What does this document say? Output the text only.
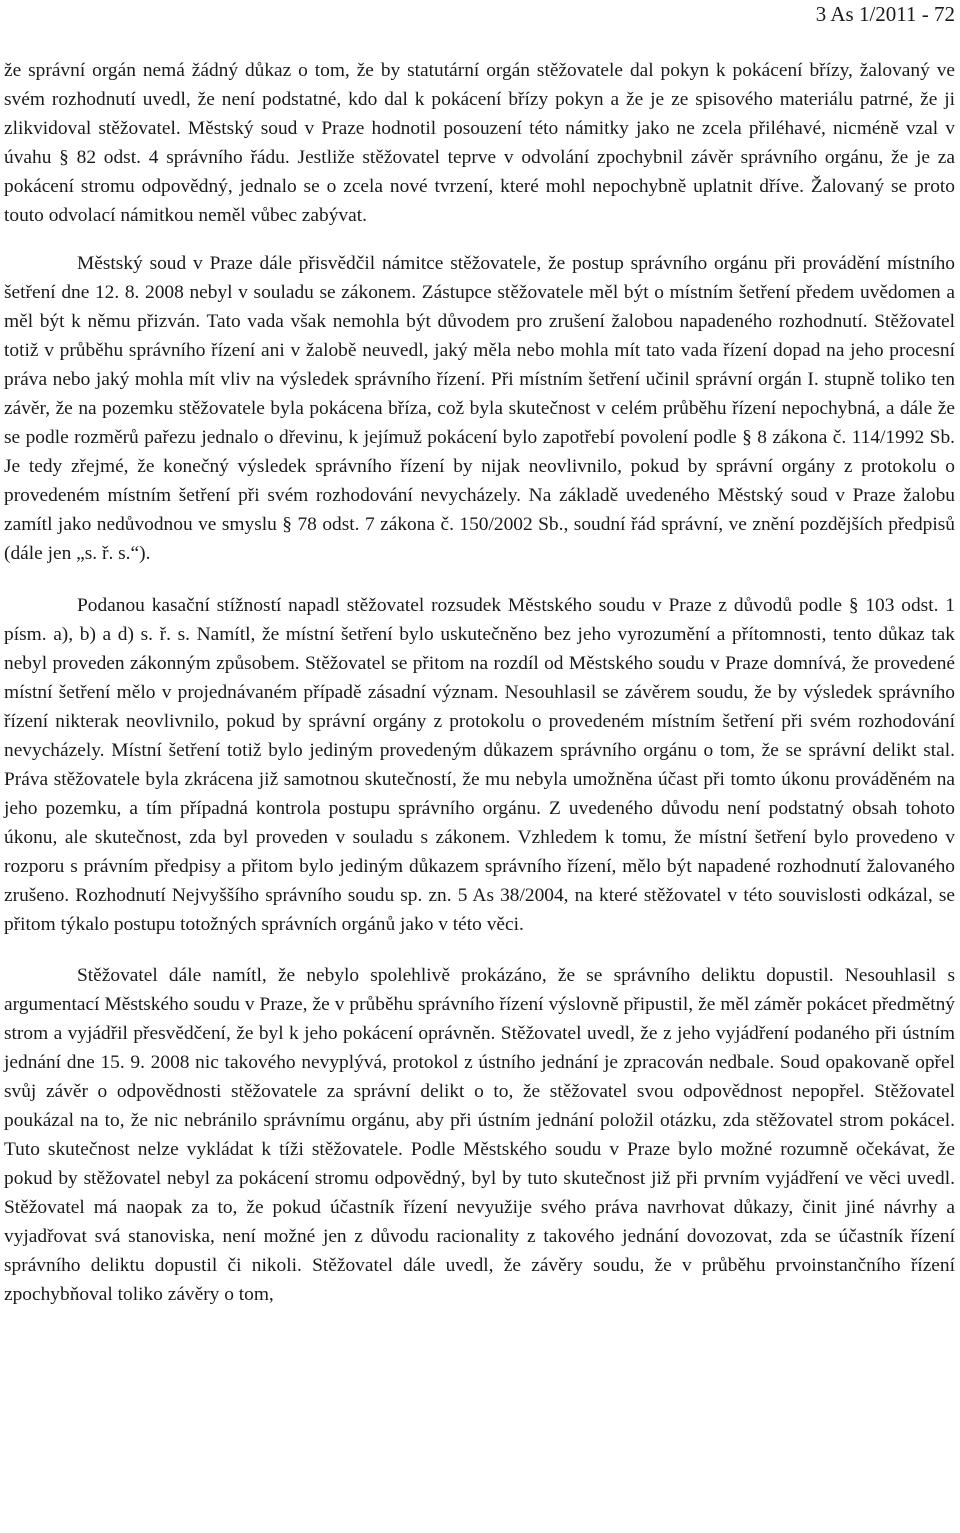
3 As 1/2011 - 72

že správní orgán nemá žádný důkaz o tom, že by statutární orgán stěžovatele dal pokyn k pokácení břízy, žalovaný ve svém rozhodnutí uvedl, že není podstatné, kdo dal k pokácení břízy pokyn a že je ze spisového materiálu patrné, že ji zlikvidoval stěžovatel. Městský soud v Praze hodnotil posouzení této námitky jako ne zcela přiléhavé, nicméně vzal v úvahu § 82 odst. 4 správního řádu. Jestliže stěžovatel teprve v odvolání zpochybnil závěr správního orgánu, že je za pokácení stromu odpovědný, jednalo se o zcela nové tvrzení, které mohl nepochybně uplatnit dříve. Žalovaný se proto touto odvolací námitkou neměl vůbec zabývat.

Městský soud v Praze dále přisvědčil námitce stěžovatele, že postup správního orgánu při provádění místního šetření dne 12. 8. 2008 nebyl v souladu se zákonem. Zástupce stěžovatele měl být o místním šetření předem uvědomen a měl být k němu přizván. Tato vada však nemohla být důvodem pro zrušení žalobou napadeného rozhodnutí. Stěžovatel totiž v průběhu správního řízení ani v žalobě neuvedl, jaký měla nebo mohla mít tato vada řízení dopad na jeho procesní práva nebo jaký mohla mít vliv na výsledek správního řízení. Při místním šetření učinil správní orgán I. stupně toliko ten závěr, že na pozemku stěžovatele byla pokácena bříza, což byla skutečnost v celém průběhu řízení nepochybná, a dále že se podle rozměrů pařezu jednalo o dřevinu, k jejímuž pokácení bylo zapotřebí povolení podle § 8 zákona č. 114/1992 Sb. Je tedy zřejmé, že konečný výsledek správního řízení by nijak neovlivnilo, pokud by správní orgány z protokolu o provedeném místním šetření při svém rozhodování nevycházely. Na základě uvedeného Městský soud v Praze žalobu zamítl jako nedůvodnou ve smyslu § 78 odst. 7 zákona č. 150/2002 Sb., soudní řád správní, ve znění pozdějších předpisů (dále jen „s. ř. s.“).

Podanou kasační stížností napadl stěžovatel rozsudek Městského soudu v Praze z důvodů podle § 103 odst. 1 písm. a), b) a d) s. ř. s. Namítl, že místní šetření bylo uskutečněno bez jeho vyrozumění a přítomnosti, tento důkaz tak nebyl proveden zákonným způsobem. Stěžovatel se přitom na rozdíl od Městského soudu v Praze domnívá, že provedené místní šetření mělo v projednávaném případě zásadní význam. Nesouhlasil se závěrem soudu, že by výsledek správního řízení nikterak neovlivnilo, pokud by správní orgány z protokolu o provedeném místním šetření při svém rozhodování nevycházely. Místní šetření totiž bylo jediným provedeným důkazem správního orgánu o tom, že se správní delikt stal. Práva stěžovatele byla zkrácena již samotnou skutečností, že mu nebyla umožněna účast při tomto úkonu prováděném na jeho pozemku, a tím případná kontrola postupu správního orgánu. Z uvedeného důvodu není podstatný obsah tohoto úkonu, ale skutečnost, zda byl proveden v souladu s zákonem. Vzhledem k tomu, že místní šetření bylo provedeno v rozporu s právním předpisy a přitom bylo jediným důkazem správního řízení, mělo být napadené rozhodnutí žalovaného zrušeno. Rozhodnutí Nejvyššího správního soudu sp. zn. 5 As 38/2004, na které stěžovatel v této souvislosti odkázal, se přitom týkalo postupu totožných správních orgánů jako v této věci.

Stěžovatel dále namítl, že nebylo spolehlivě prokázáno, že se správního deliktu dopustil. Nesouhlasil s argumentací Městského soudu v Praze, že v průběhu správního řízení výslovně připustil, že měl záměr pokácet předmětný strom a vyjádřil přesvědčení, že byl k jeho pokácení oprávněn. Stěžovatel uvedl, že z jeho vyjádření podaného při ústním jednání dne 15. 9. 2008 nic takového nevyplývá, protokol z ústního jednání je zpracován nedbale. Soud opakovaně opřel svůj závěr o odpovědnosti stěžovatele za správní delikt o to, že stěžovatel svou odpovědnost nepopřel. Stěžovatel poukázal na to, že nic nebránilo správnímu orgánu, aby při ústním jednání položil otázku, zda stěžovatel strom pokácel. Tuto skutečnost nelze vykládat k tíži stěžovatele. Podle Městského soudu v Praze bylo možné rozumně očekávat, že pokud by stěžovatel nebyl za pokácení stromu odpovědný, byl by tuto skutečnost již při prvním vyjádření ve věci uvedl. Stěžovatel má naopak za to, že pokud účastník řízení nevyužije svého práva navrhovat důkazy, činit jiné návrhy a vyjadřovat svá stanoviska, není možné jen z důvodu racionality z takového jednání dovozovat, zda se účastník řízení správního deliktu dopustil či nikoli. Stěžovatel dále uvedl, že závěry soudu, že v průběhu prvoinstančního řízení zpochybňoval toliko závěry o tom,
